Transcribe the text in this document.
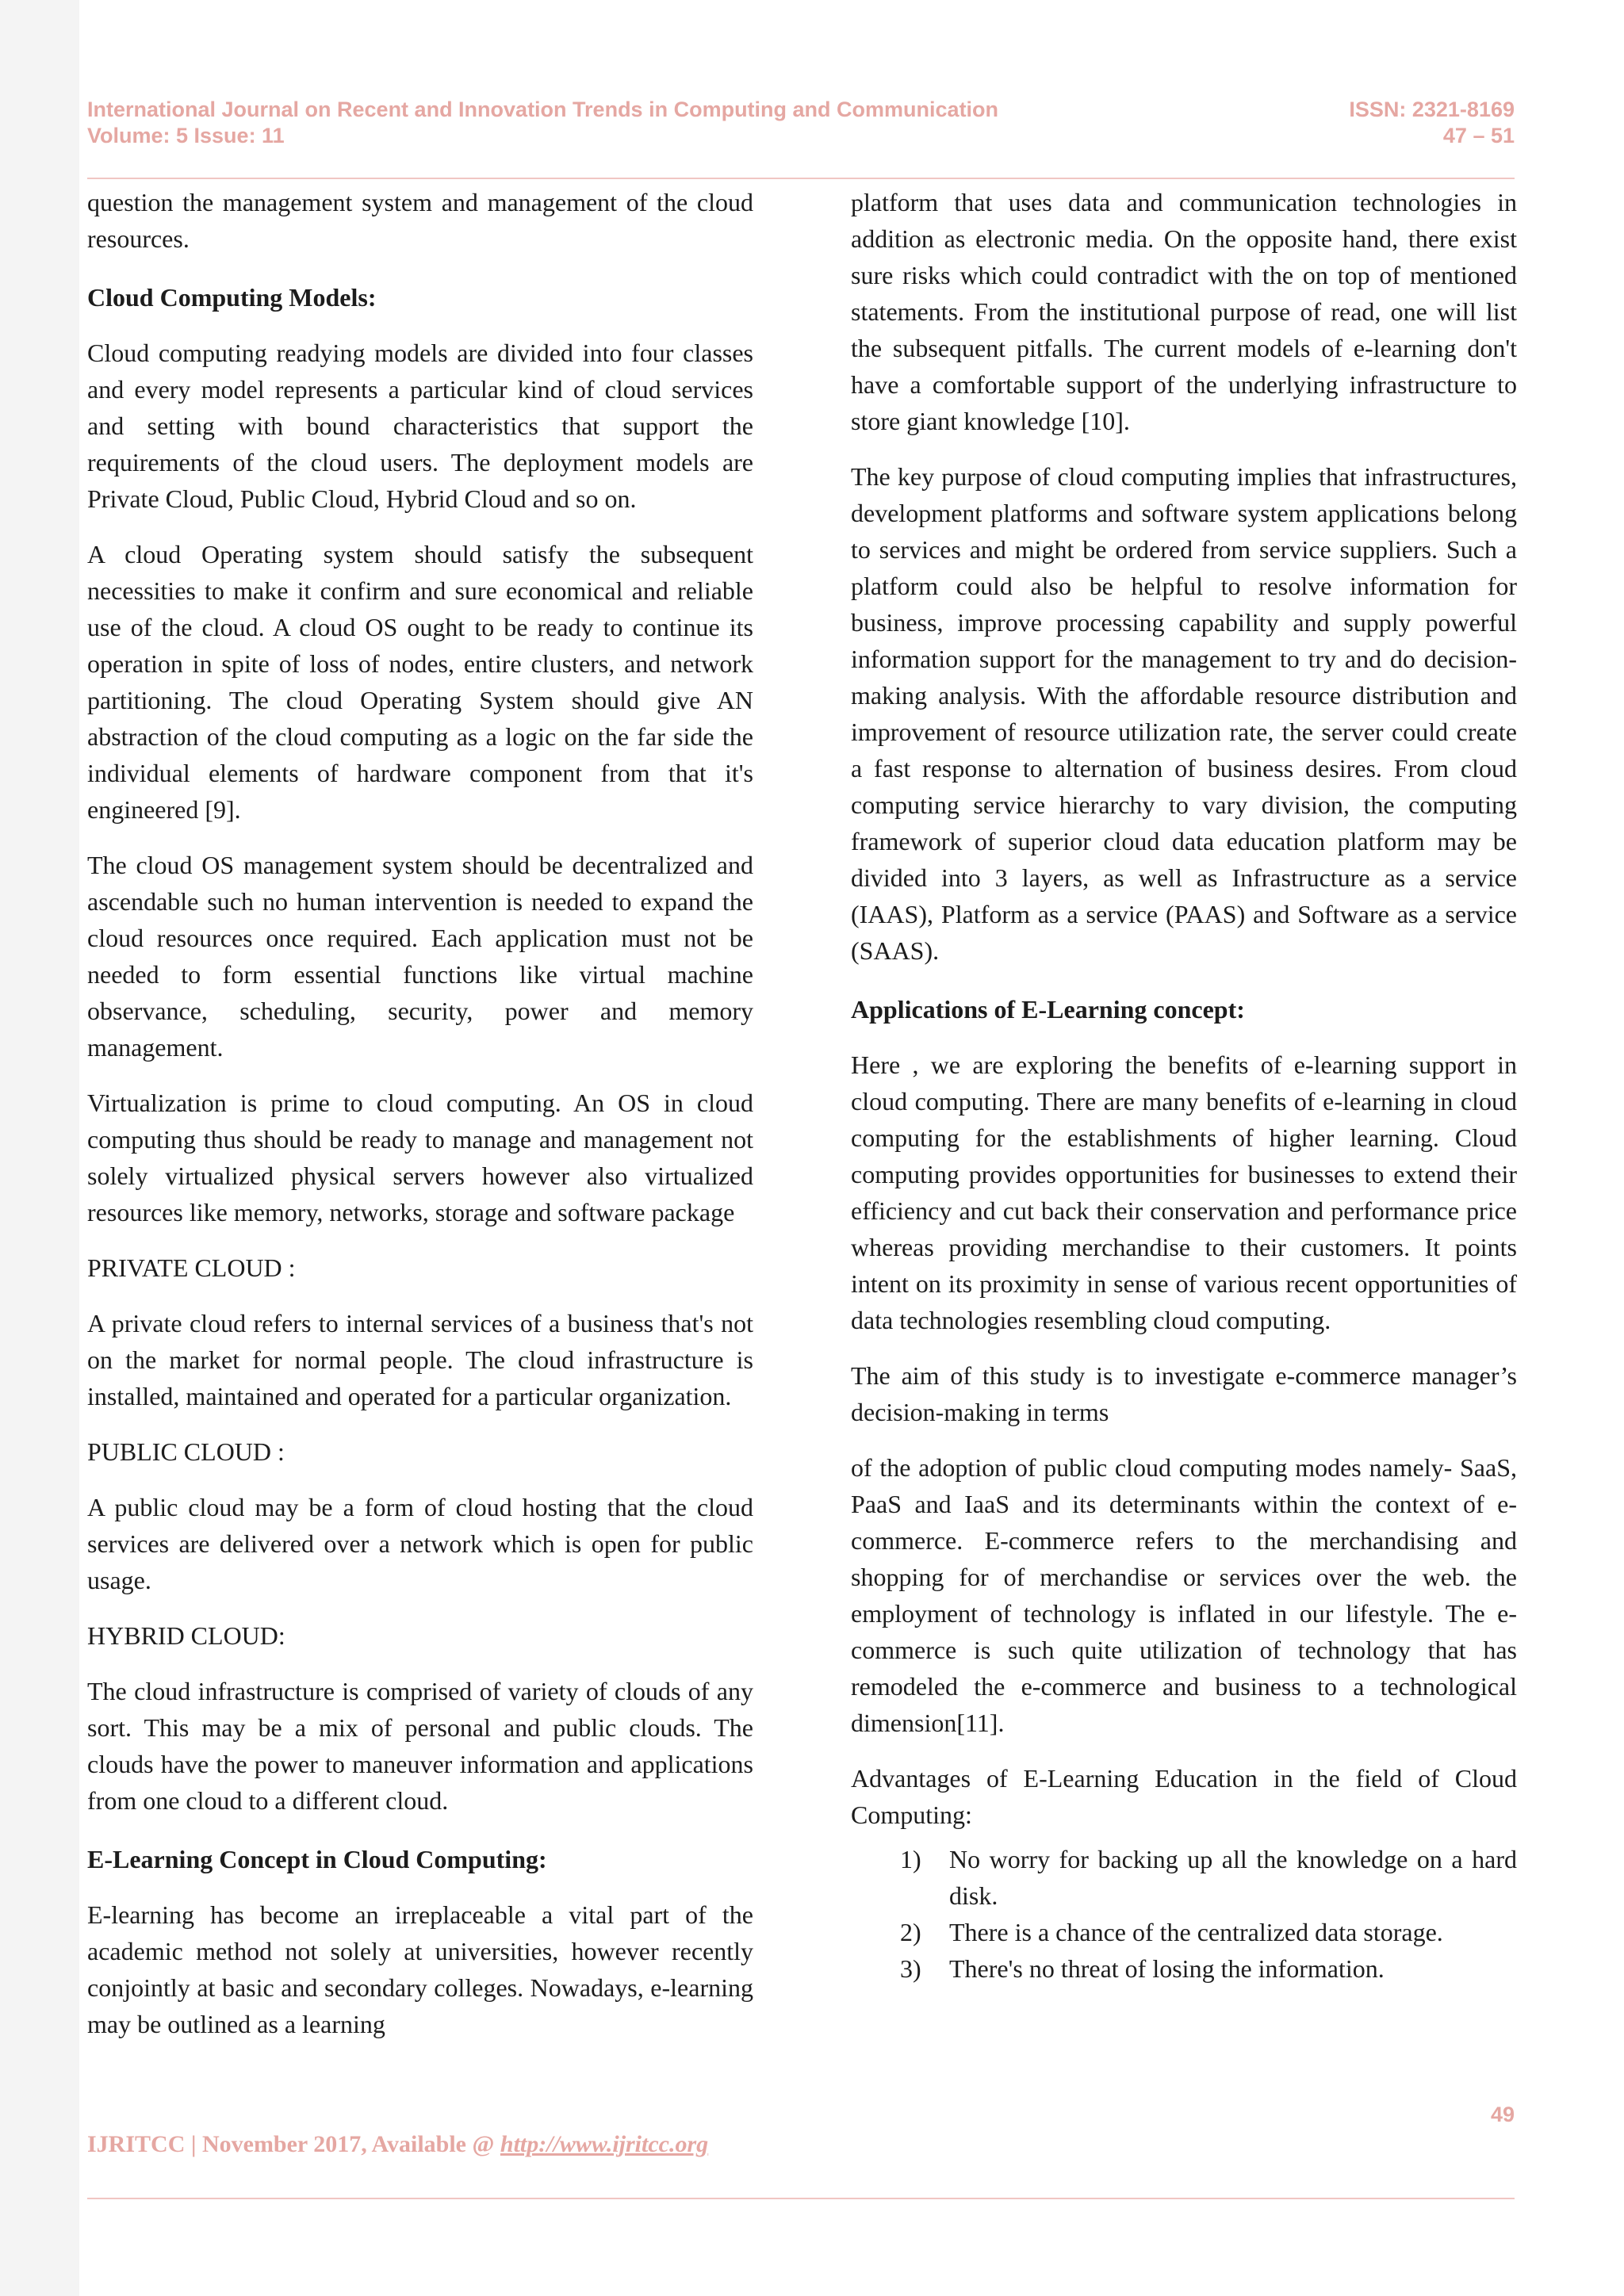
International Journal on Recent and Innovation Trends in Computing and Communication
Volume: 5 Issue: 11
ISSN: 2321-8169
47 – 51

question the management system and management of the cloud resources.

Cloud Computing Models:

Cloud computing readying models are divided into four classes and every model represents a particular kind of cloud services and setting with bound characteristics that support the requirements of the cloud users. The deployment models are Private Cloud, Public Cloud, Hybrid Cloud and so on.

A cloud Operating system should satisfy the subsequent necessities to make it confirm and sure economical and reliable use of the cloud. A cloud OS ought to be ready to continue its operation in spite of loss of nodes, entire clusters, and network partitioning. The cloud Operating System should give AN abstraction of the cloud computing as a logic on the far side the individual elements of hardware component from that it's engineered [9].

The cloud OS management system should be decentralized and ascendable such no human intervention is needed to expand the cloud resources once required. Each application must not be needed to form essential functions like virtual machine observance, scheduling, security, power and memory management.

Virtualization is prime to cloud computing. An OS in cloud computing thus should be ready to manage and management not solely virtualized physical servers however also virtualized resources like memory, networks, storage and software package

PRIVATE CLOUD :

A private cloud refers to internal services of a business that's not on the market for normal people. The cloud infrastructure is installed, maintained and operated for a particular organization.

PUBLIC CLOUD :

A public cloud may be a form of cloud hosting that the cloud services are delivered over a network which is open for public usage.

HYBRID CLOUD:

The cloud infrastructure is comprised of variety of clouds of any sort. This may be a mix of personal and public clouds. The clouds have the power to maneuver information and applications from one cloud to a different cloud.

E-Learning Concept in Cloud Computing:

E-learning has become an irreplaceable a vital part of the academic method not solely at universities, however recently conjointly at basic and secondary colleges. Nowadays, e-learning may be outlined as a learning

platform that uses data and communication technologies in addition as electronic media. On the opposite hand, there exist sure risks which could contradict with the on top of mentioned statements. From the institutional purpose of read, one will list the subsequent pitfalls. The current models of e-learning don't have a comfortable support of the underlying infrastructure to store giant knowledge [10].

The key purpose of cloud computing implies that infrastructures, development platforms and software system applications belong to services and might be ordered from service suppliers. Such a platform could also be helpful to resolve information for business, improve processing capability and supply powerful information support for the management to try and do decision-making analysis. With the affordable resource distribution and improvement of resource utilization rate, the server could create a fast response to alternation of business desires. From cloud computing service hierarchy to vary division, the computing framework of superior cloud data education platform may be divided into 3 layers, as well as Infrastructure as a service (IAAS), Platform as a service (PAAS) and Software as a service (SAAS).

Applications of E-Learning concept:

Here , we are exploring the benefits of e-learning support in cloud computing. There are many benefits of e-learning in cloud computing for the establishments of higher learning. Cloud computing provides opportunities for businesses to extend their efficiency and cut back their conservation and performance price whereas providing merchandise to their customers. It points intent on its proximity in sense of various recent opportunities of data technologies resembling cloud computing.

The aim of this study is to investigate e-commerce manager’s decision-making in terms

of the adoption of public cloud computing modes namely- SaaS, PaaS and IaaS and its determinants within the context of e-commerce. E-commerce refers to the merchandising and shopping for of merchandise or services over the web. the employment of technology is inflated in our lifestyle. The e-commerce is such quite utilization of technology that has remodeled the e-commerce and business to a technological dimension[11].

Advantages of E-Learning Education in the field of Cloud Computing:

1)	No worry for backing up all the knowledge on a hard disk.
2)	There is a chance of the centralized data storage.
3)	There's no threat of losing the information.
49
IJRITCC | November 2017, Available @ http://www.ijritcc.org
